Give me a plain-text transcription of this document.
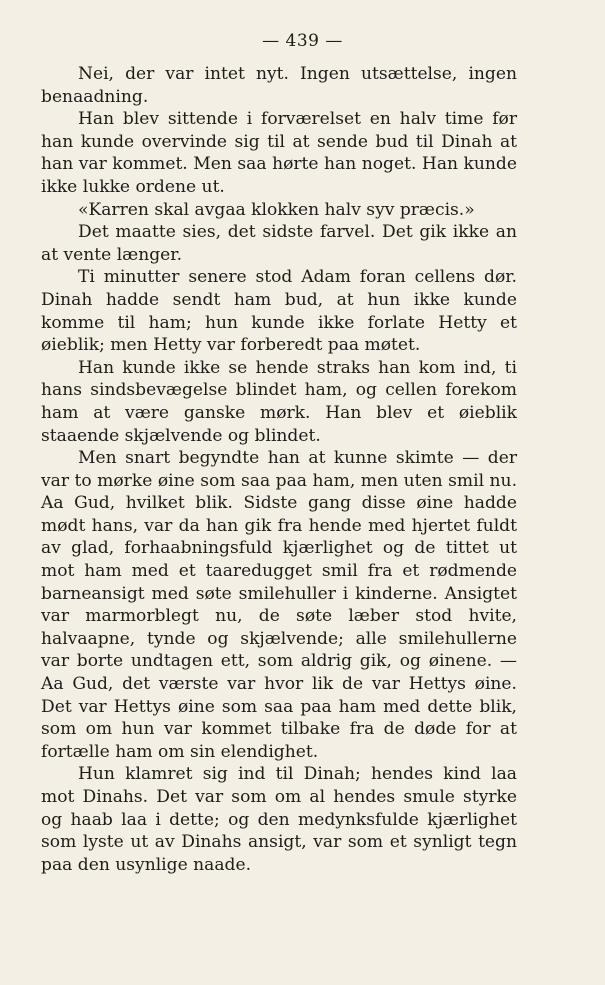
— 439 —

Nei, der var intet nyt. Ingen utsættelse, ingen benaadning.

Han blev sittende i forværelset en halv time før han kunde overvinde sig til at sende bud til Dinah at han var kommet. Men saa hørte han noget. Han kunde ikke lukke ordene ut.

«Karren skal avgaa klokken halv syv præcis.»

Det maatte sies, det sidste farvel. Det gik ikke an at vente længer.

Ti minutter senere stod Adam foran cellens dør. Dinah hadde sendt ham bud, at hun ikke kunde komme til ham; hun kunde ikke forlate Hetty et øieblik; men Hetty var forberedt paa møtet.

Han kunde ikke se hende straks han kom ind, ti hans sindsbevægelse blindet ham, og cellen forekom ham at være ganske mørk. Han blev et øieblik staaende skjælvende og blindet.

Men snart begyndte han at kunne skimte — der var to mørke øine som saa paa ham, men uten smil nu. Aa Gud, hvilket blik. Sidste gang disse øine hadde mødt hans, var da han gik fra hende med hjertet fuldt av glad, forhaabningsfuld kjærlighet og de tittet ut mot ham med et taaredugget smil fra et rødmende barneansigt med søte smilehuller i kinderne. Ansigtet var marmorblegt nu, de søte læber stod hvite, halvaapne, tynde og skjælvende; alle smilehullerne var borte undtagen ett, som aldrig gik, og øinene. — Aa Gud, det værste var hvor lik de var Hettys øine. Det var Hettys øine som saa paa ham med dette blik, som om hun var kommet tilbake fra de døde for at fortælle ham om sin elendighet.

Hun klamret sig ind til Dinah; hendes kind laa mot Dinahs. Det var som om al hendes smule styrke og haab laa i dette; og den medynksfulde kjærlighet som lyste ut av Dinahs ansigt, var som et synligt tegn paa den usynlige naade.
